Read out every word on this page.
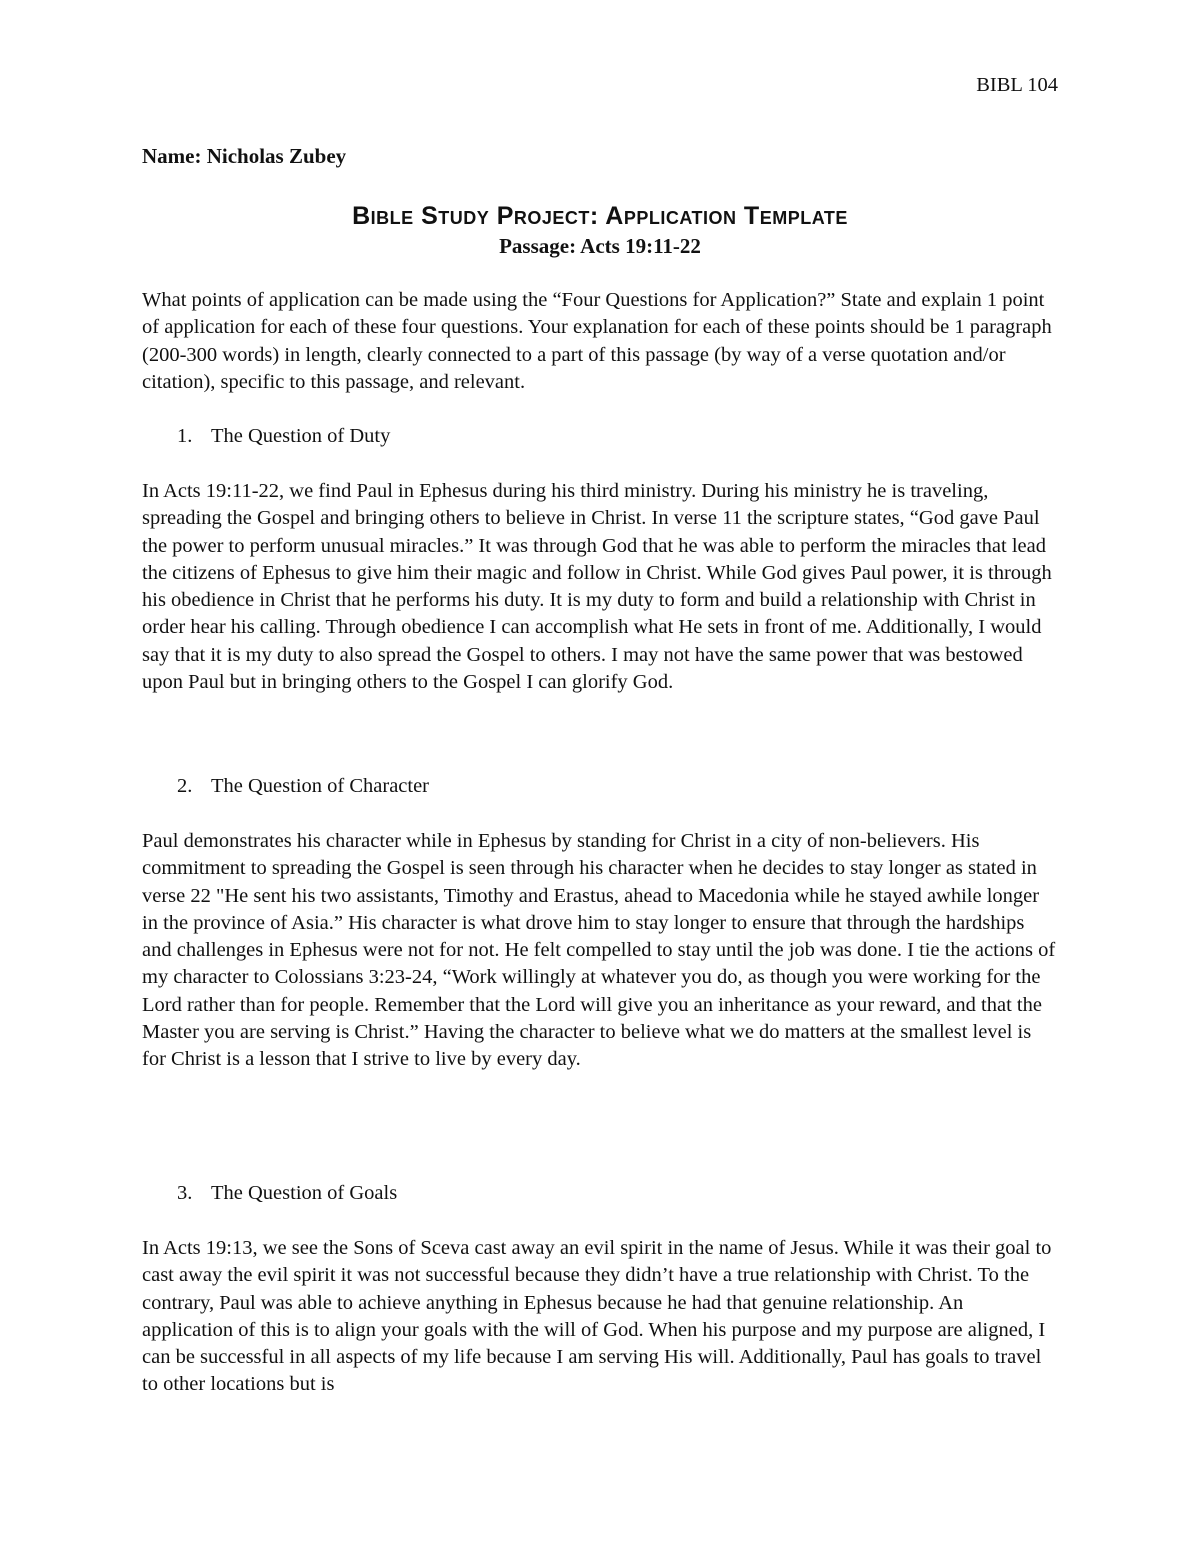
BIBL 104
Name: Nicholas Zubey
Bible Study Project: Application Template
Passage: Acts 19:11-22

What points of application can be made using the “Four Questions for Application?” State and explain 1 point of application for each of these four questions. Your explanation for each of these points should be 1 paragraph (200-300 words) in length, clearly connected to a part of this passage (by way of a verse quotation and/or citation), specific to this passage, and relevant.

1. The Question of Duty

In Acts 19:11-22, we find Paul in Ephesus during his third ministry. During his ministry he is traveling, spreading the Gospel and bringing others to believe in Christ. In verse 11 the scripture states, “God gave Paul the power to perform unusual miracles.” It was through God that he was able to perform the miracles that lead the citizens of Ephesus to give him their magic and follow in Christ. While God gives Paul power, it is through his obedience in Christ that he performs his duty. It is my duty to form and build a relationship with Christ in order hear his calling. Through obedience I can accomplish what He sets in front of me. Additionally, I would say that it is my duty to also spread the Gospel to others. I may not have the same power that was bestowed upon Paul but in bringing others to the Gospel I can glorify God.

2. The Question of Character

Paul demonstrates his character while in Ephesus by standing for Christ in a city of non-believers. His commitment to spreading the Gospel is seen through his character when he decides to stay longer as stated in verse 22 "He sent his two assistants, Timothy and Erastus, ahead to Macedonia while he stayed awhile longer in the province of Asia.” His character is what drove him to stay longer to ensure that through the hardships and challenges in Ephesus were not for not. He felt compelled to stay until the job was done. I tie the actions of my character to Colossians 3:23-24, “Work willingly at whatever you do, as though you were working for the Lord rather than for people. Remember that the Lord will give you an inheritance as your reward, and that the Master you are serving is Christ.” Having the character to believe what we do matters at the smallest level is for Christ is a lesson that I strive to live by every day.

3. The Question of Goals

In Acts 19:13, we see the Sons of Sceva cast away an evil spirit in the name of Jesus. While it was their goal to cast away the evil spirit it was not successful because they didn’t have a true relationship with Christ. To the contrary, Paul was able to achieve anything in Ephesus because he had that genuine relationship. An application of this is to align your goals with the will of God. When his purpose and my purpose are aligned, I can be successful in all aspects of my life because I am serving His will. Additionally, Paul has goals to travel to other locations but is
